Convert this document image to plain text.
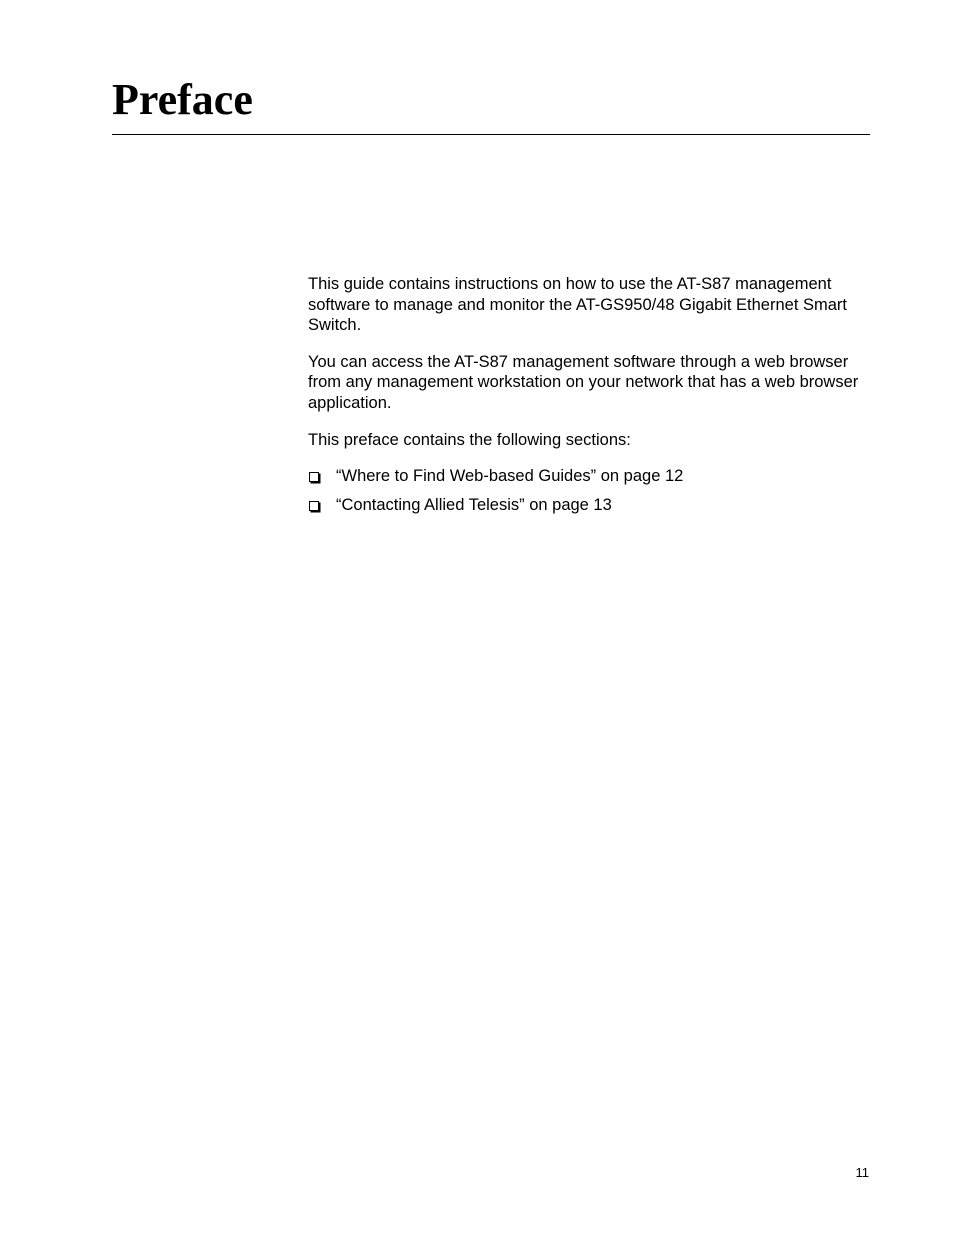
Preface

This guide contains instructions on how to use the AT-S87 management software to manage and monitor the AT-GS950/48 Gigabit Ethernet Smart Switch.

You can access the AT-S87 management software through a web browser from any management workstation on your network that has a web browser application.

This preface contains the following sections:

“Where to Find Web-based Guides” on page 12
“Contacting Allied Telesis” on page 13
11
